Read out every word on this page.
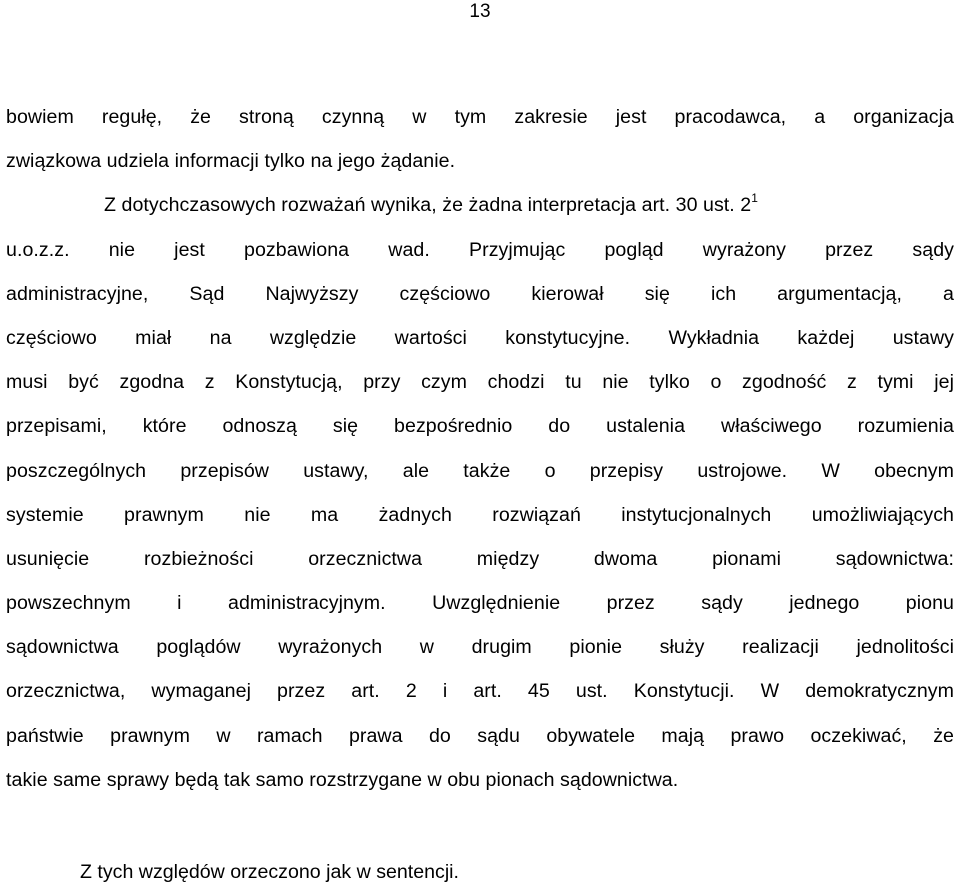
13
bowiem regułę, że stroną czynną w tym zakresie jest pracodawca, a organizacja
związkowa udziela informacji tylko na jego żądanie.
Z dotychczasowych rozważań wynika, że żadna interpretacja art. 30 ust. $2^1$
u.o.z.z. nie jest pozbawiona wad. Przyjmując pogląd wyrażony przez sądy
administracyjne, Sąd Najwyższy częściowo kierował się ich argumentacją, a
częściowo miał na względzie wartości konstytucyjne. Wykładnia każdej ustawy
musi być zgodna z Konstytucją, przy czym chodzi tu nie tylko o zgodność z tymi jej
przepisami, które odnoszą się bezpośrednio do ustalenia właściwego rozumienia
poszczególnych przepisów ustawy, ale także o przepisy ustrojowe. W obecnym
systemie prawnym nie ma żadnych rozwiązań instytucjonalnych umożliwiających
usunięcie rozbieżności orzecznictwa między dwoma pionami sądownictwa:
powszechnym i administracyjnym. Uwzględnienie przez sądy jednego pionu
sądownictwa poglądów wyrażonych w drugim pionie służy realizacji jednolitości
orzecznictwa, wymaganej przez art. 2 i art. 45 ust. Konstytucji. W demokratycznym
państwie prawnym w ramach prawa do sądu obywatele mają prawo oczekiwać, że
takie same sprawy będą tak samo rozstrzygane w obu pionach sądownictwa.
Z tych względów orzeczono jak w sentencji.
